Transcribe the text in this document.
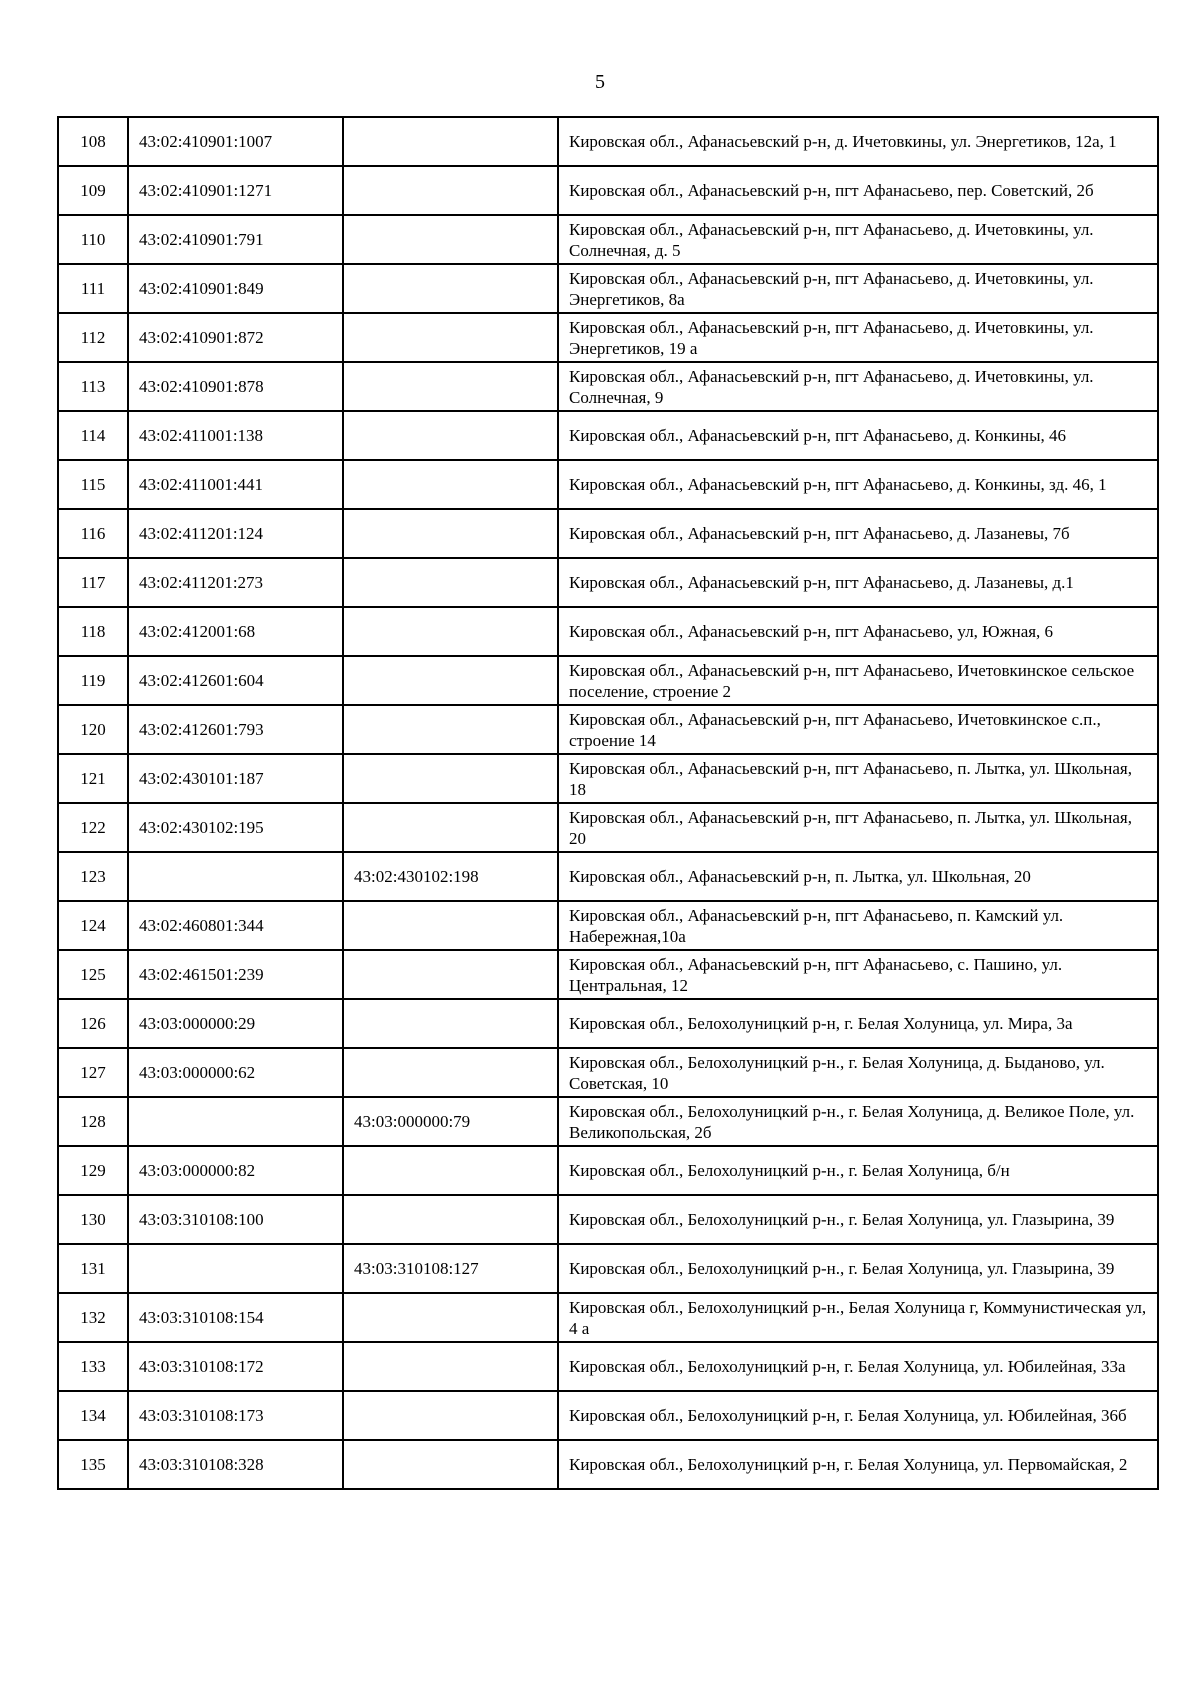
5
108	43:02:410901:1007		Кировская обл., Афанасьевский р-н, д. Ичетовкины, ул. Энергетиков, 12а, 1
109	43:02:410901:1271		Кировская обл., Афанасьевский р-н, пгт Афанасьево, пер. Советский, 2б
110	43:02:410901:791		Кировская обл., Афанасьевский р-н, пгт Афанасьево, д. Ичетовкины, ул. Солнечная, д. 5
111	43:02:410901:849		Кировская обл., Афанасьевский р-н, пгт Афанасьево, д. Ичетовкины, ул. Энергетиков, 8а
112	43:02:410901:872		Кировская обл., Афанасьевский р-н, пгт Афанасьево, д. Ичетовкины, ул. Энергетиков, 19 а
113	43:02:410901:878		Кировская обл., Афанасьевский р-н, пгт Афанасьево, д. Ичетовкины, ул. Солнечная, 9
114	43:02:411001:138		Кировская обл., Афанасьевский р-н, пгт Афанасьево, д. Конкины, 46
115	43:02:411001:441		Кировская обл., Афанасьевский р-н, пгт Афанасьево, д. Конкины, зд. 46, 1
116	43:02:411201:124		Кировская обл., Афанасьевский р-н, пгт Афанасьево, д. Лазаневы, 7б
117	43:02:411201:273		Кировская обл., Афанасьевский р-н, пгт Афанасьево, д. Лазаневы, д.1
118	43:02:412001:68		Кировская обл., Афанасьевский р-н, пгт Афанасьево, ул, Южная, 6
119	43:02:412601:604		Кировская обл., Афанасьевский р-н, пгт Афанасьево, Ичетовкинское сельское поселение, строение 2
120	43:02:412601:793		Кировская обл., Афанасьевский р-н, пгт Афанасьево, Ичетовкинское с.п., строение 14
121	43:02:430101:187		Кировская обл., Афанасьевский р-н, пгт Афанасьево, п. Лытка, ул. Школьная, 18
122	43:02:430102:195		Кировская обл., Афанасьевский р-н, пгт Афанасьево, п. Лытка, ул. Школьная, 20
123		43:02:430102:198	Кировская обл., Афанасьевский р-н, п. Лытка, ул. Школьная, 20
124	43:02:460801:344		Кировская обл., Афанасьевский р-н, пгт Афанасьево, п. Камский ул. Набережная,10а
125	43:02:461501:239		Кировская обл., Афанасьевский р-н, пгт Афанасьево, с. Пашино, ул. Центральная, 12
126	43:03:000000:29		Кировская обл., Белохолуницкий р-н, г. Белая Холуница, ул. Мира, 3а
127	43:03:000000:62		Кировская обл., Белохолуницкий р-н., г. Белая Холуница, д. Быданово, ул. Советская, 10
128		43:03:000000:79	Кировская обл., Белохолуницкий р-н., г. Белая Холуница, д. Великое Поле, ул. Великопольская, 2б
129	43:03:000000:82		Кировская обл., Белохолуницкий р-н., г. Белая Холуница, б/н
130	43:03:310108:100		Кировская обл., Белохолуницкий р-н., г. Белая Холуница, ул. Глазырина, 39
131		43:03:310108:127	Кировская обл., Белохолуницкий р-н., г. Белая Холуница, ул. Глазырина, 39
132	43:03:310108:154		Кировская обл., Белохолуницкий р-н., Белая Холуница г, Коммунистическая ул, 4 а
133	43:03:310108:172		Кировская обл., Белохолуницкий р-н, г. Белая Холуница, ул. Юбилейная, 33а
134	43:03:310108:173		Кировская обл., Белохолуницкий р-н, г. Белая Холуница, ул. Юбилейная, 36б
135	43:03:310108:328		Кировская обл., Белохолуницкий р-н, г. Белая Холуница, ул. Первомайская, 2
